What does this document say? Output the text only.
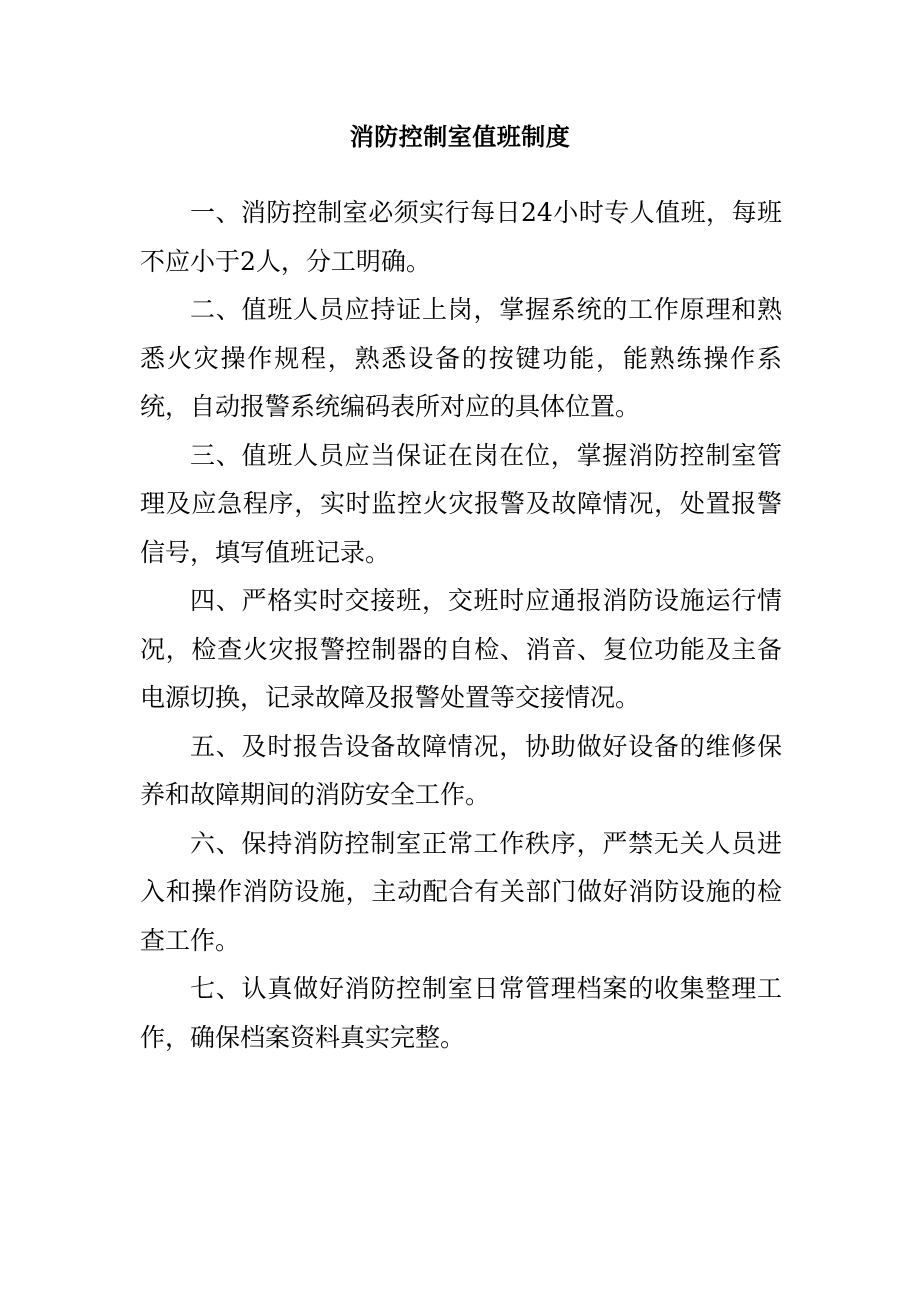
消防控制室值班制度

一、消防控制室必须实行每日24小时专人值班，每班不应小于2人，分工明确。

二、值班人员应持证上岗，掌握系统的工作原理和熟悉火灾操作规程，熟悉设备的按键功能，能熟练操作系统，自动报警系统编码表所对应的具体位置。

三、值班人员应当保证在岗在位，掌握消防控制室管理及应急程序，实时监控火灾报警及故障情况，处置报警信号，填写值班记录。

四、严格实时交接班，交班时应通报消防设施运行情况，检查火灾报警控制器的自检、消音、复位功能及主备电源切换，记录故障及报警处置等交接情况。

五、及时报告设备故障情况，协助做好设备的维修保养和故障期间的消防安全工作。

六、保持消防控制室正常工作秩序，严禁无关人员进入和操作消防设施，主动配合有关部门做好消防设施的检查工作。

七、认真做好消防控制室日常管理档案的收集整理工作，确保档案资料真实完整。
